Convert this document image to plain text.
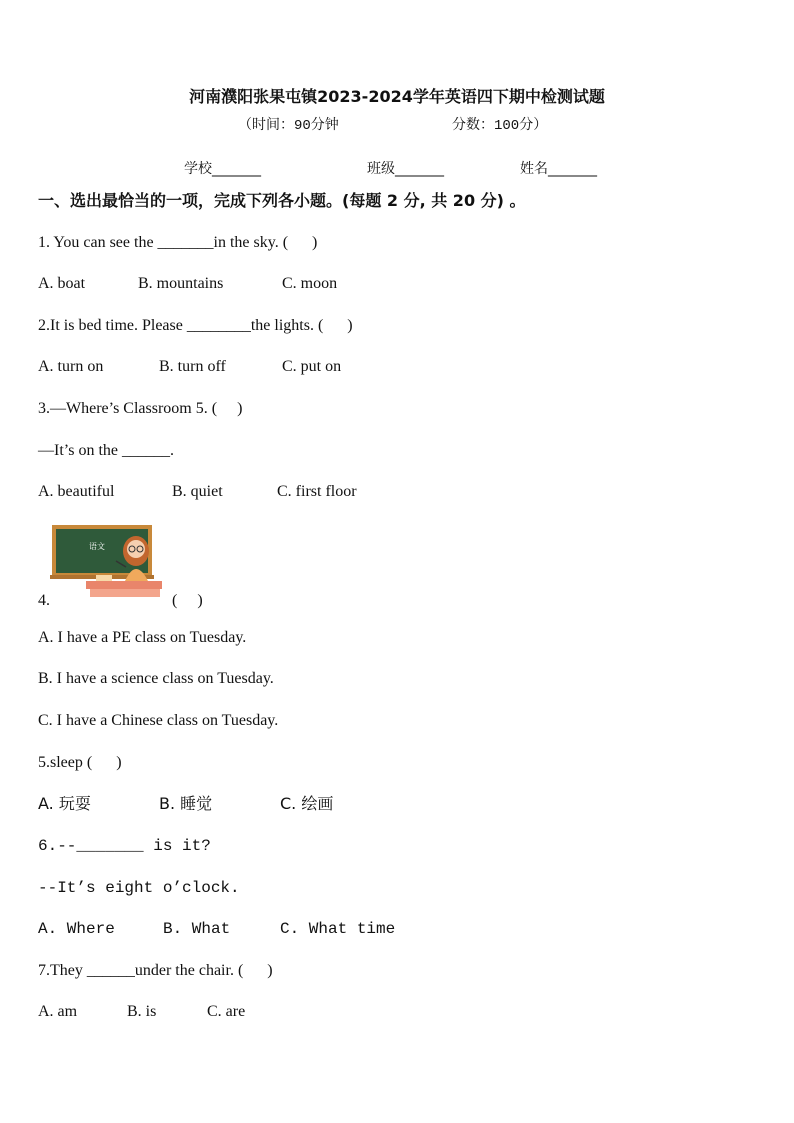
河南濮阳张果屯镇2023-2024学年英语四下期中检测试题
（时间：90分钟	分数：100分）
学校_______	班级_______	姓名_______
一、选出最恰当的一项，完成下列各小题。(每题 2 分, 共 20 分) 。
1. You can see the _______in the sky. (      )
A. boat	B. mountains	C. moon
2.It is bed time. Please ________the lights. (      )
A. turn on	B. turn off	C. put on
3.—Where’s Classroom 5. (     )
—It’s on the ______.
A. beautiful	B. quiet	C. first floor
语文
4.	(     )
A. I have a PE class on Tuesday.
B. I have a science class on Tuesday.
C. I have a Chinese class on Tuesday.
5.sleep (      )
A. 玩耍	B. 睡觉	C. 绘画
6.--_______ is it?
--It’s eight o’clock.
A. Where	B. What	C. What time
7.They ______under the chair. (      )
A. am	B. is	C. are
